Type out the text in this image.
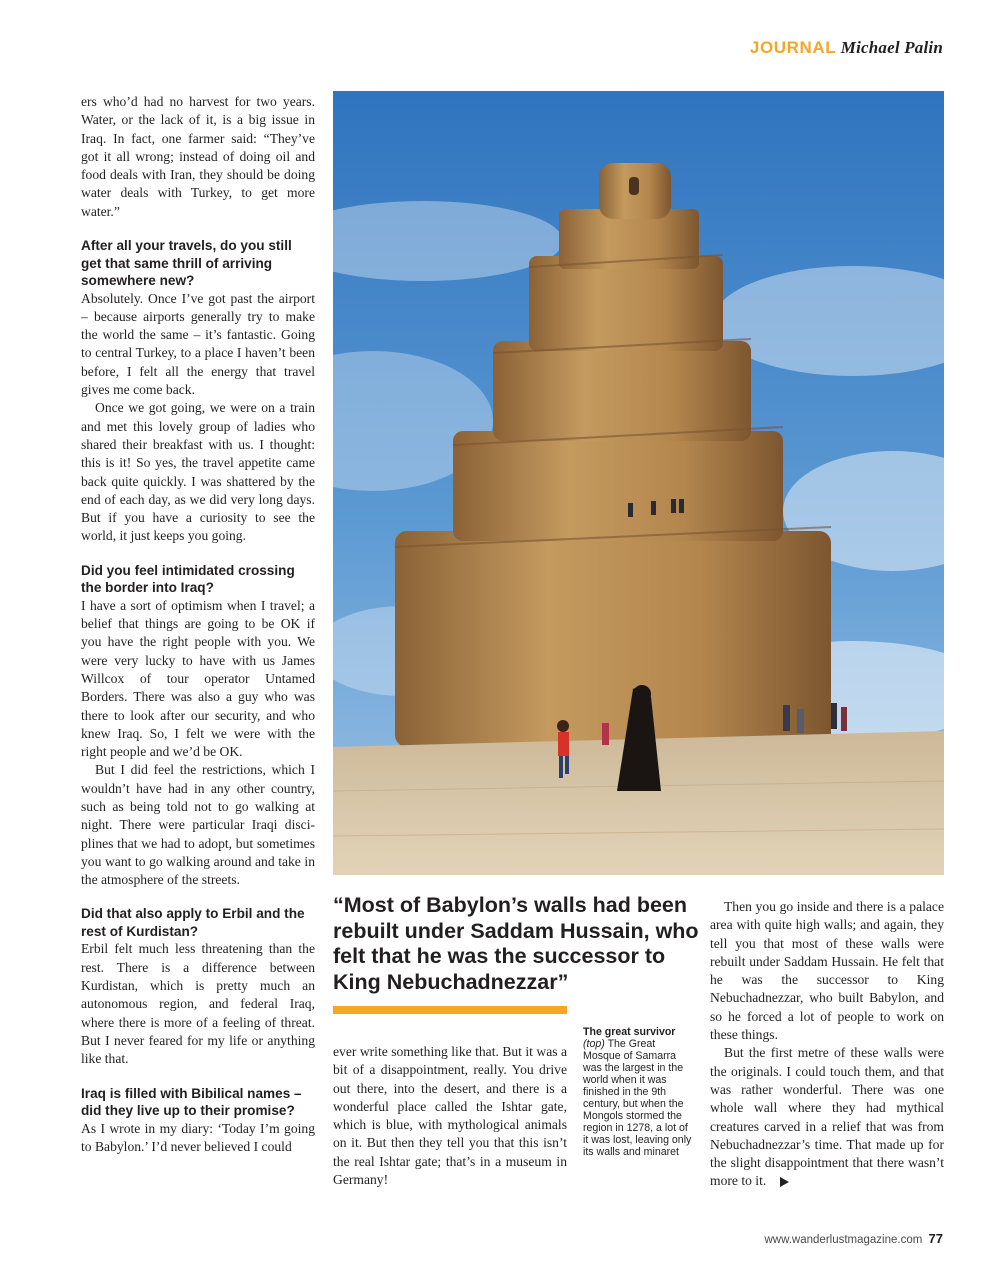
JOURNAL Michael Palin

ers who’d had no harvest for two years. Water, or the lack of it, is a big issue in Iraq. In fact, one farmer said: “They’ve got it all wrong; instead of doing oil and food deals with Iran, they should be doing water deals with Turkey, to get more water.”

After all your travels, do you still get that same thrill of arriving somewhere new?

Absolutely. Once I’ve got past the airport – because airports generally try to make the world the same – it’s fantastic. Going to central Turkey, to a place I haven’t been before, I felt all the energy that travel gives me come back.

Once we got going, we were on a train and met this lovely group of ladies who shared their breakfast with us. I thought: this is it! So yes, the travel appetite came back quite quickly. I was shattered by the end of each day, as we did very long days. But if you have a curiosity to see the world, it just keeps you going.

Did you feel intimidated crossing the border into Iraq?

I have a sort of optimism when I travel; a belief that things are going to be OK if you have the right people with you. We were very lucky to have with us James Willcox of tour operator Untamed Borders. There was also a guy who was there to look after our security, and who knew Iraq. So, I felt we were with the right people and we’d be OK.

But I did feel the restrictions, which I wouldn’t have had in any other country, such as being told not to go walking at night. There were particular Iraqi disciplines that we had to adopt, but sometimes you want to go walking around and take in the atmosphere of the streets.

Did that also apply to Erbil and the rest of Kurdistan?

Erbil felt much less threatening than the rest. There is a difference between Kurdistan, which is pretty much an autonomous region, and federal Iraq, where there is more of a feeling of threat. But I never feared for my life or anything like that.

Iraq is filled with Bibilical names – did they live up to their promise?

As I wrote in my diary: ‘Today I’m going to Babylon.’ I’d never believed I could

“Most of Babylon’s walls had been rebuilt under Saddam Hussain, who felt that he was the successor to King Nebuchadnezzar”

ever write something like that. But it was a bit of a disappointment, really. You drive out there, into the desert, and there is a wonderful place called the Ishtar gate, which is blue, with mythological animals on it. But then they tell you that this isn’t the real Ishtar gate; that’s in a museum in Germany!

The great survivor
(top) The Great Mosque of Samarra was the largest in the world when it was finished in the 9th century, but when the Mongols stormed the region in 1278, a lot of it was lost, leaving only its walls and minaret

Then you go inside and there is a palace area with quite high walls; and again, they tell you that most of these walls were rebuilt under Saddam Hussain. He felt that he was the successor to King Nebuchadnezzar, who built Babylon, and so he forced a lot of people to work on these things.

But the first metre of these walls were the originals. I could touch them, and that was rather wonderful. There was one whole wall where they had mythical creatures carved in a relief that was from Nebuchadnezzar’s time. That made up for the slight disappointment that there wasn’t more to it.

www.wanderlustmagazine.com 77
